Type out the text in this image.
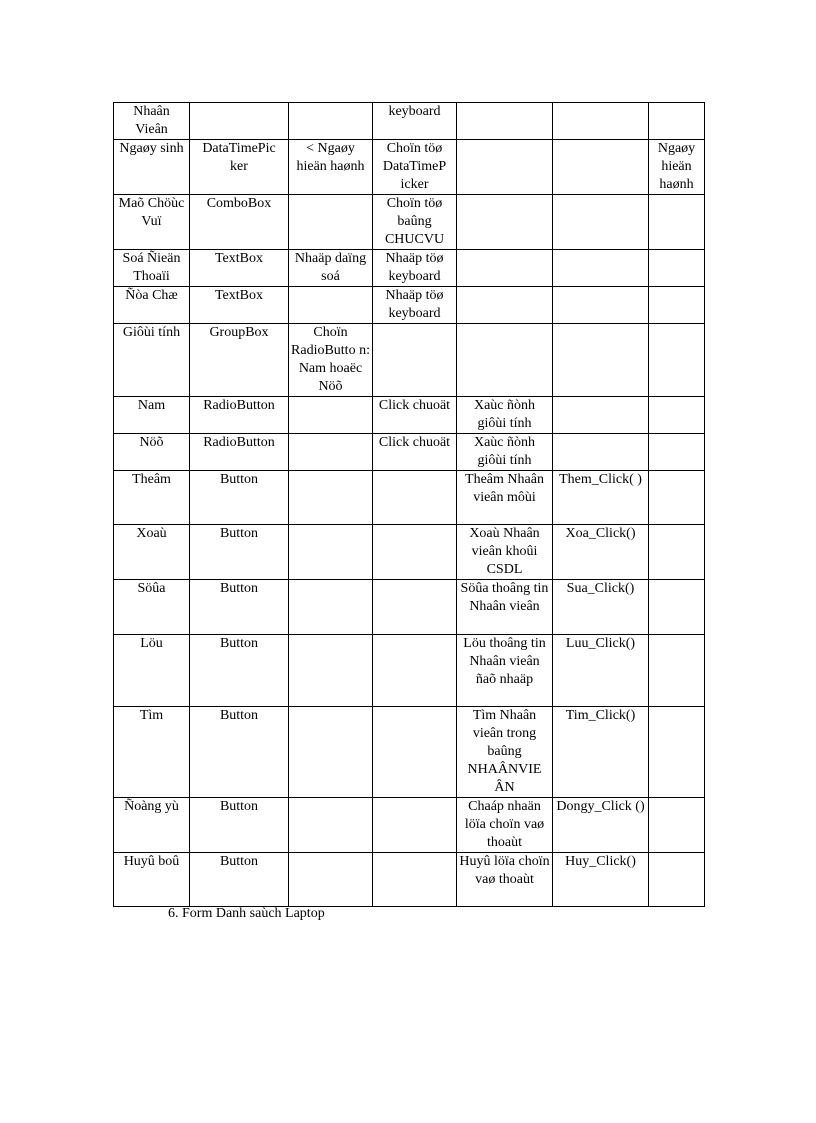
Nhaân Vieân			keyboard			
Ngaøy sinh	DataTimePic ker	< Ngaøy hieän haønh	Choïn töø DataTimeP icker			Ngaøy hieän haønh
Maõ Chöùc Vuï	ComboBox		Choïn töø baûng CHUCVU			
Soá Ñieän Thoaïi	TextBox	Nhaäp daïng soá	Nhaäp töø keyboard			
Ñòa Chæ	TextBox		Nhaäp töø keyboard			
Giôùi tính	GroupBox	Choïn RadioButto n: Nam hoaëc Nöõ				
Nam	RadioButton		Click chuoät	Xaùc ñònh giôùi tính		
Nöõ	RadioButton		Click chuoät	Xaùc ñònh giôùi tính		
Theâm	Button			Theâm Nhaân vieân môùi	Them_Click( )	
Xoaù	Button			Xoaù Nhaân vieân khoûi CSDL	Xoa_Click()	
Söûa	Button			Söûa thoâng tin Nhaân vieân	Sua_Click()	
Löu	Button			Löu thoâng tin Nhaân vieân ñaõ nhaäp	Luu_Click()	
Tìm	Button			Tìm Nhaân vieân trong baûng NHAÂNVIE ÂN	Tim_Click()	
Ñoàng yù	Button			Chaáp nhaän löïa choïn vaø thoaùt	Dongy_Click ()	
Huyû boû	Button			Huyû löïa choïn vaø thoaùt	Huy_Click()	
6. Form Danh saùch Laptop
